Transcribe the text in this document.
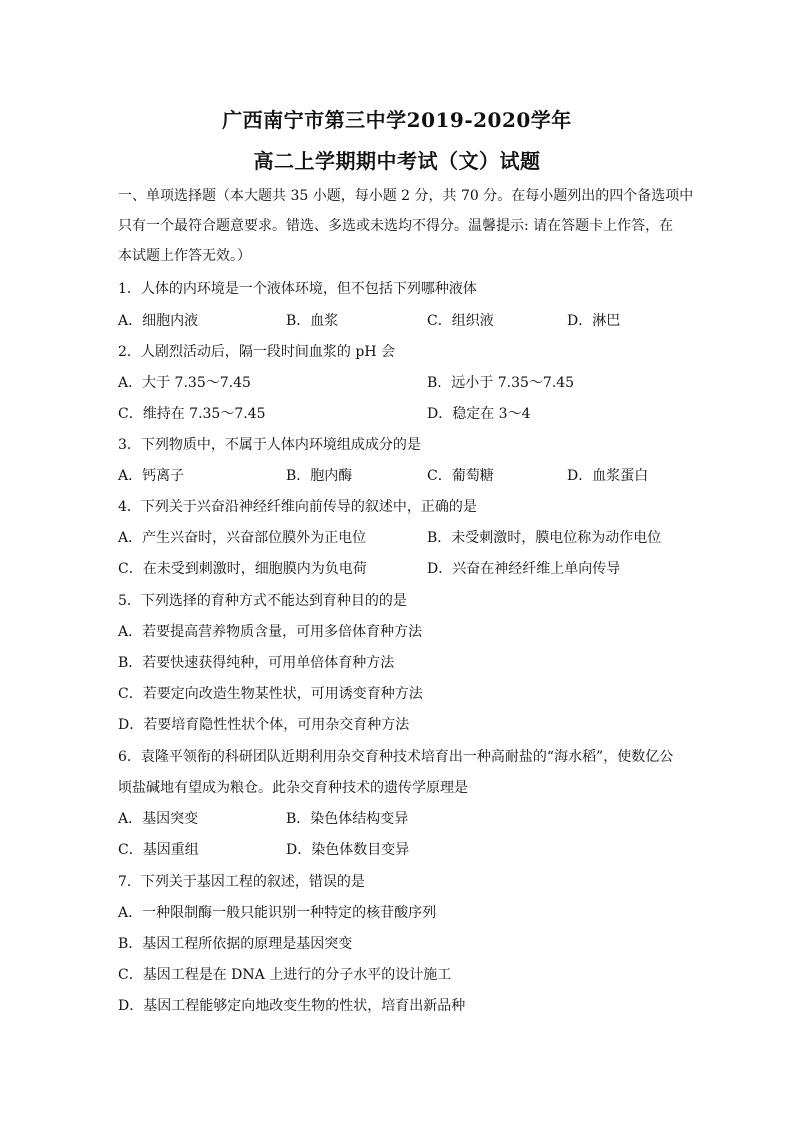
广西南宁市第三中学2019-2020学年
高二上学期期中考试（文）试题
一、单项选择题（本大题共 35 小题，每小题 2 分，共 70 分。在每小题列出的四个备选项中
只有一个最符合题意要求。错选、多选或未选均不得分。温馨提示: 请在答题卡上作答，在
本试题上作答无效。）
1．人体的内环境是一个液体环境，但不包括下列哪种液体
A．细胞内液	B．血浆	C．组织液	D．淋巴
2．人剧烈活动后，隔一段时间血浆的 pH 会
A．大于 7.35～7.45	B．远小于 7.35～7.45
C．维持在 7.35～7.45	D．稳定在 3～4
3．下列物质中，不属于人体内环境组成成分的是
A．钙离子	B．胞内酶	C．葡萄糖	D．血浆蛋白
4．下列关于兴奋沿神经纤维向前传导的叙述中，正确的是
A．产生兴奋时，兴奋部位膜外为正电位	B．未受刺激时，膜电位称为动作电位
C．在未受到刺激时，细胞膜内为负电荷	D．兴奋在神经纤维上单向传导
5．下列选择的育种方式不能达到育种目的的是
A．若要提高营养物质含量，可用多倍体育种方法
B．若要快速获得纯种，可用单倍体育种方法
C．若要定向改造生物某性状，可用诱变育种方法
D．若要培育隐性性状个体，可用杂交育种方法
6．袁隆平领衔的科研团队近期利用杂交育种技术培育出一种高耐盐的“海水稻”，使数亿公
顷盐碱地有望成为粮仓。此杂交育种技术的遗传学原理是
A．基因突变	B．染色体结构变异
C．基因重组	D．染色体数目变异
7．下列关于基因工程的叙述，错误的是
A．一种限制酶一般只能识别一种特定的核苷酸序列
B．基因工程所依据的原理是基因突变
C．基因工程是在 DNA 上进行的分子水平的设计施工
D．基因工程能够定向地改变生物的性状，培育出新品种
